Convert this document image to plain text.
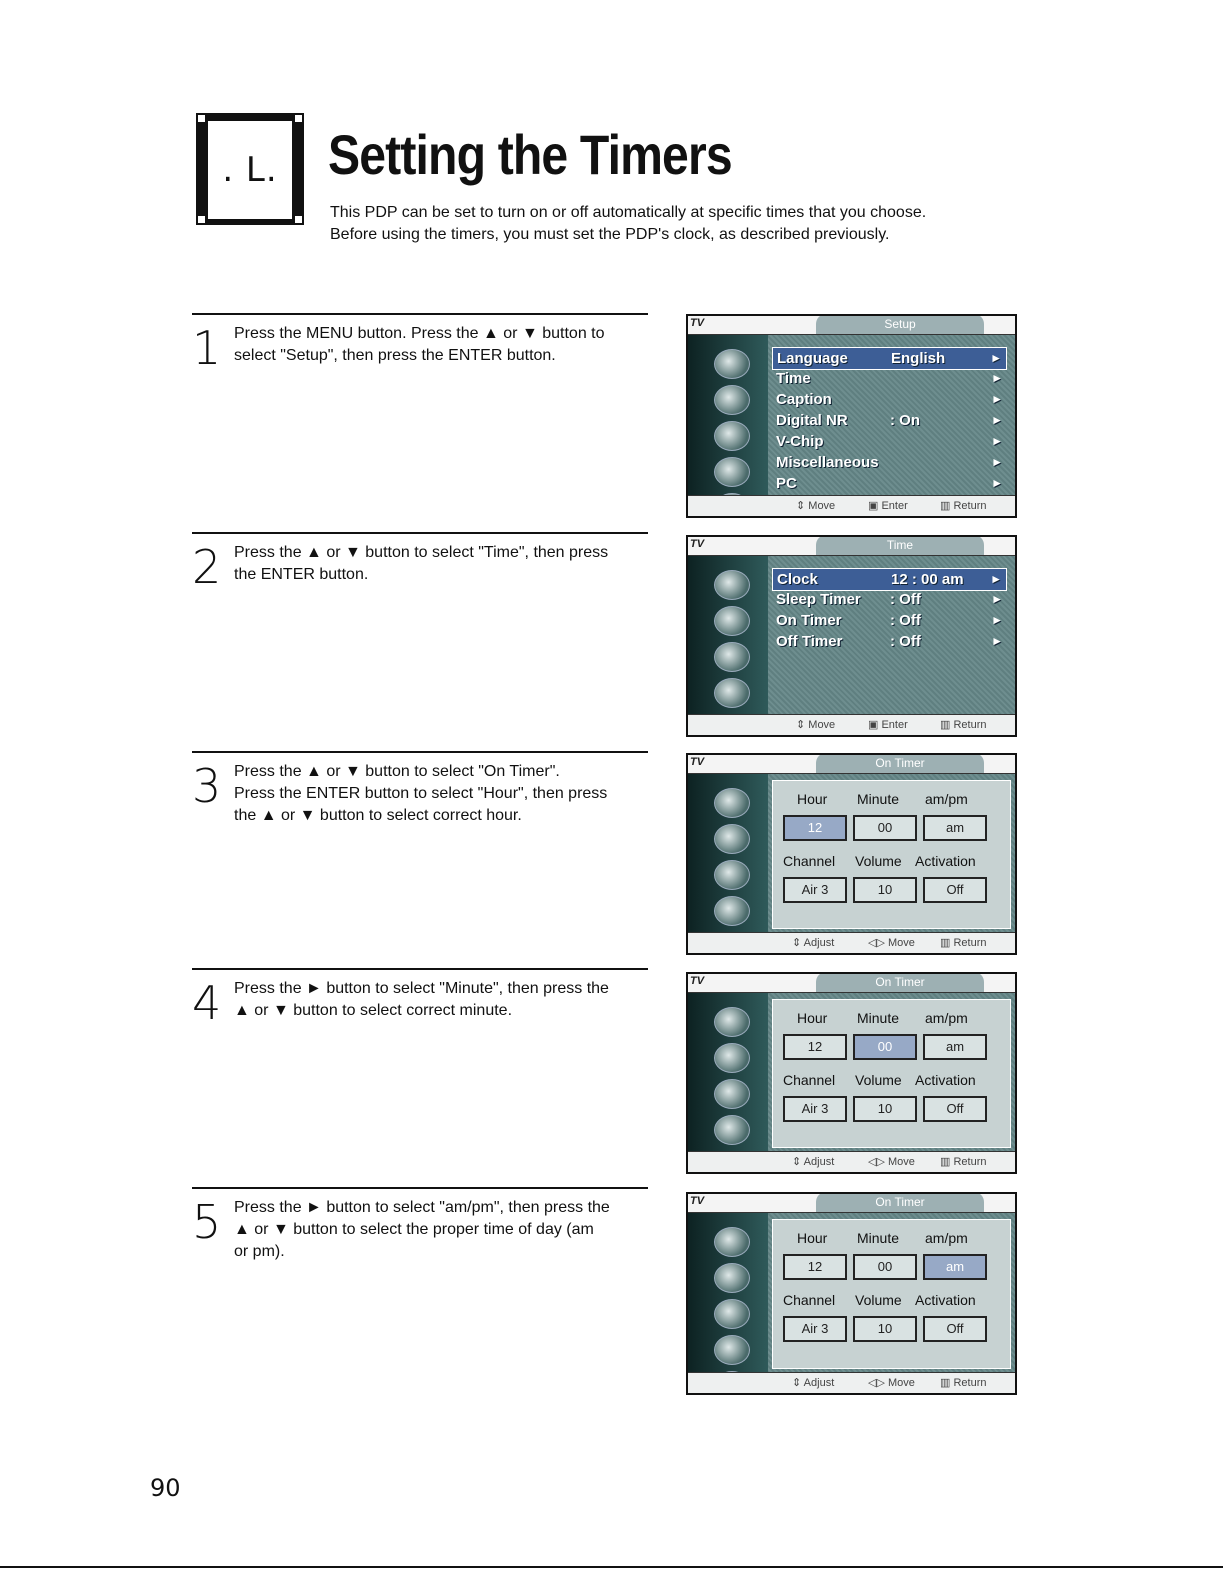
. L. Setting the Timers
This PDP can be set to turn on or off automatically at specific times that you choose.
Before using the timers, you must set the PDP's clock, as described previously.
1 Press the MENU button. Press the ▲ or ▼ button to
select "Setup", then press the ENTER button.
2 Press the ▲ or ▼ button to select "Time", then press
the ENTER button.
3 Press the ▲ or ▼ button to select "On Timer".
Press the ENTER button to select "Hour", then press
the ▲ or ▼ button to select correct hour.
4 Press the ► button to select "Minute", then press the
▲ or ▼ button to select correct minute.
5 Press the ► button to select "am/pm", then press the
▲ or ▼ button to select the proper time of day (am
or pm).
TV	Setup
Language	English	►
Time	►
Caption	►
Digital NR	: On	►
V-Chip	►
Miscellaneous	►
PC	►
⇕ Move	▣ Enter	▥ Return
TV	Time
Clock	12 : 00 am ►
Sleep Timer : Off	►
On Timer	: Off	►
Off Timer	: Off	►
⇕ Move	▣ Enter	▥ Return
TV	On Timer
Hour Minute am/pm
12	00	am
Channel Volume Activation
Air 3	10	Off
⇕ Adjust	◁▷ Move ▥ Return
TV	On Timer
Hour Minute am/pm
12	00	am
Channel Volume Activation
Air 3	10	Off
⇕ Adjust	◁▷ Move ▥ Return
TV	On Timer
Hour Minute am/pm
12	00	am
Channel Volume Activation
Air 3	10	Off
⇕ Adjust	◁▷ Move ▥ Return
90
